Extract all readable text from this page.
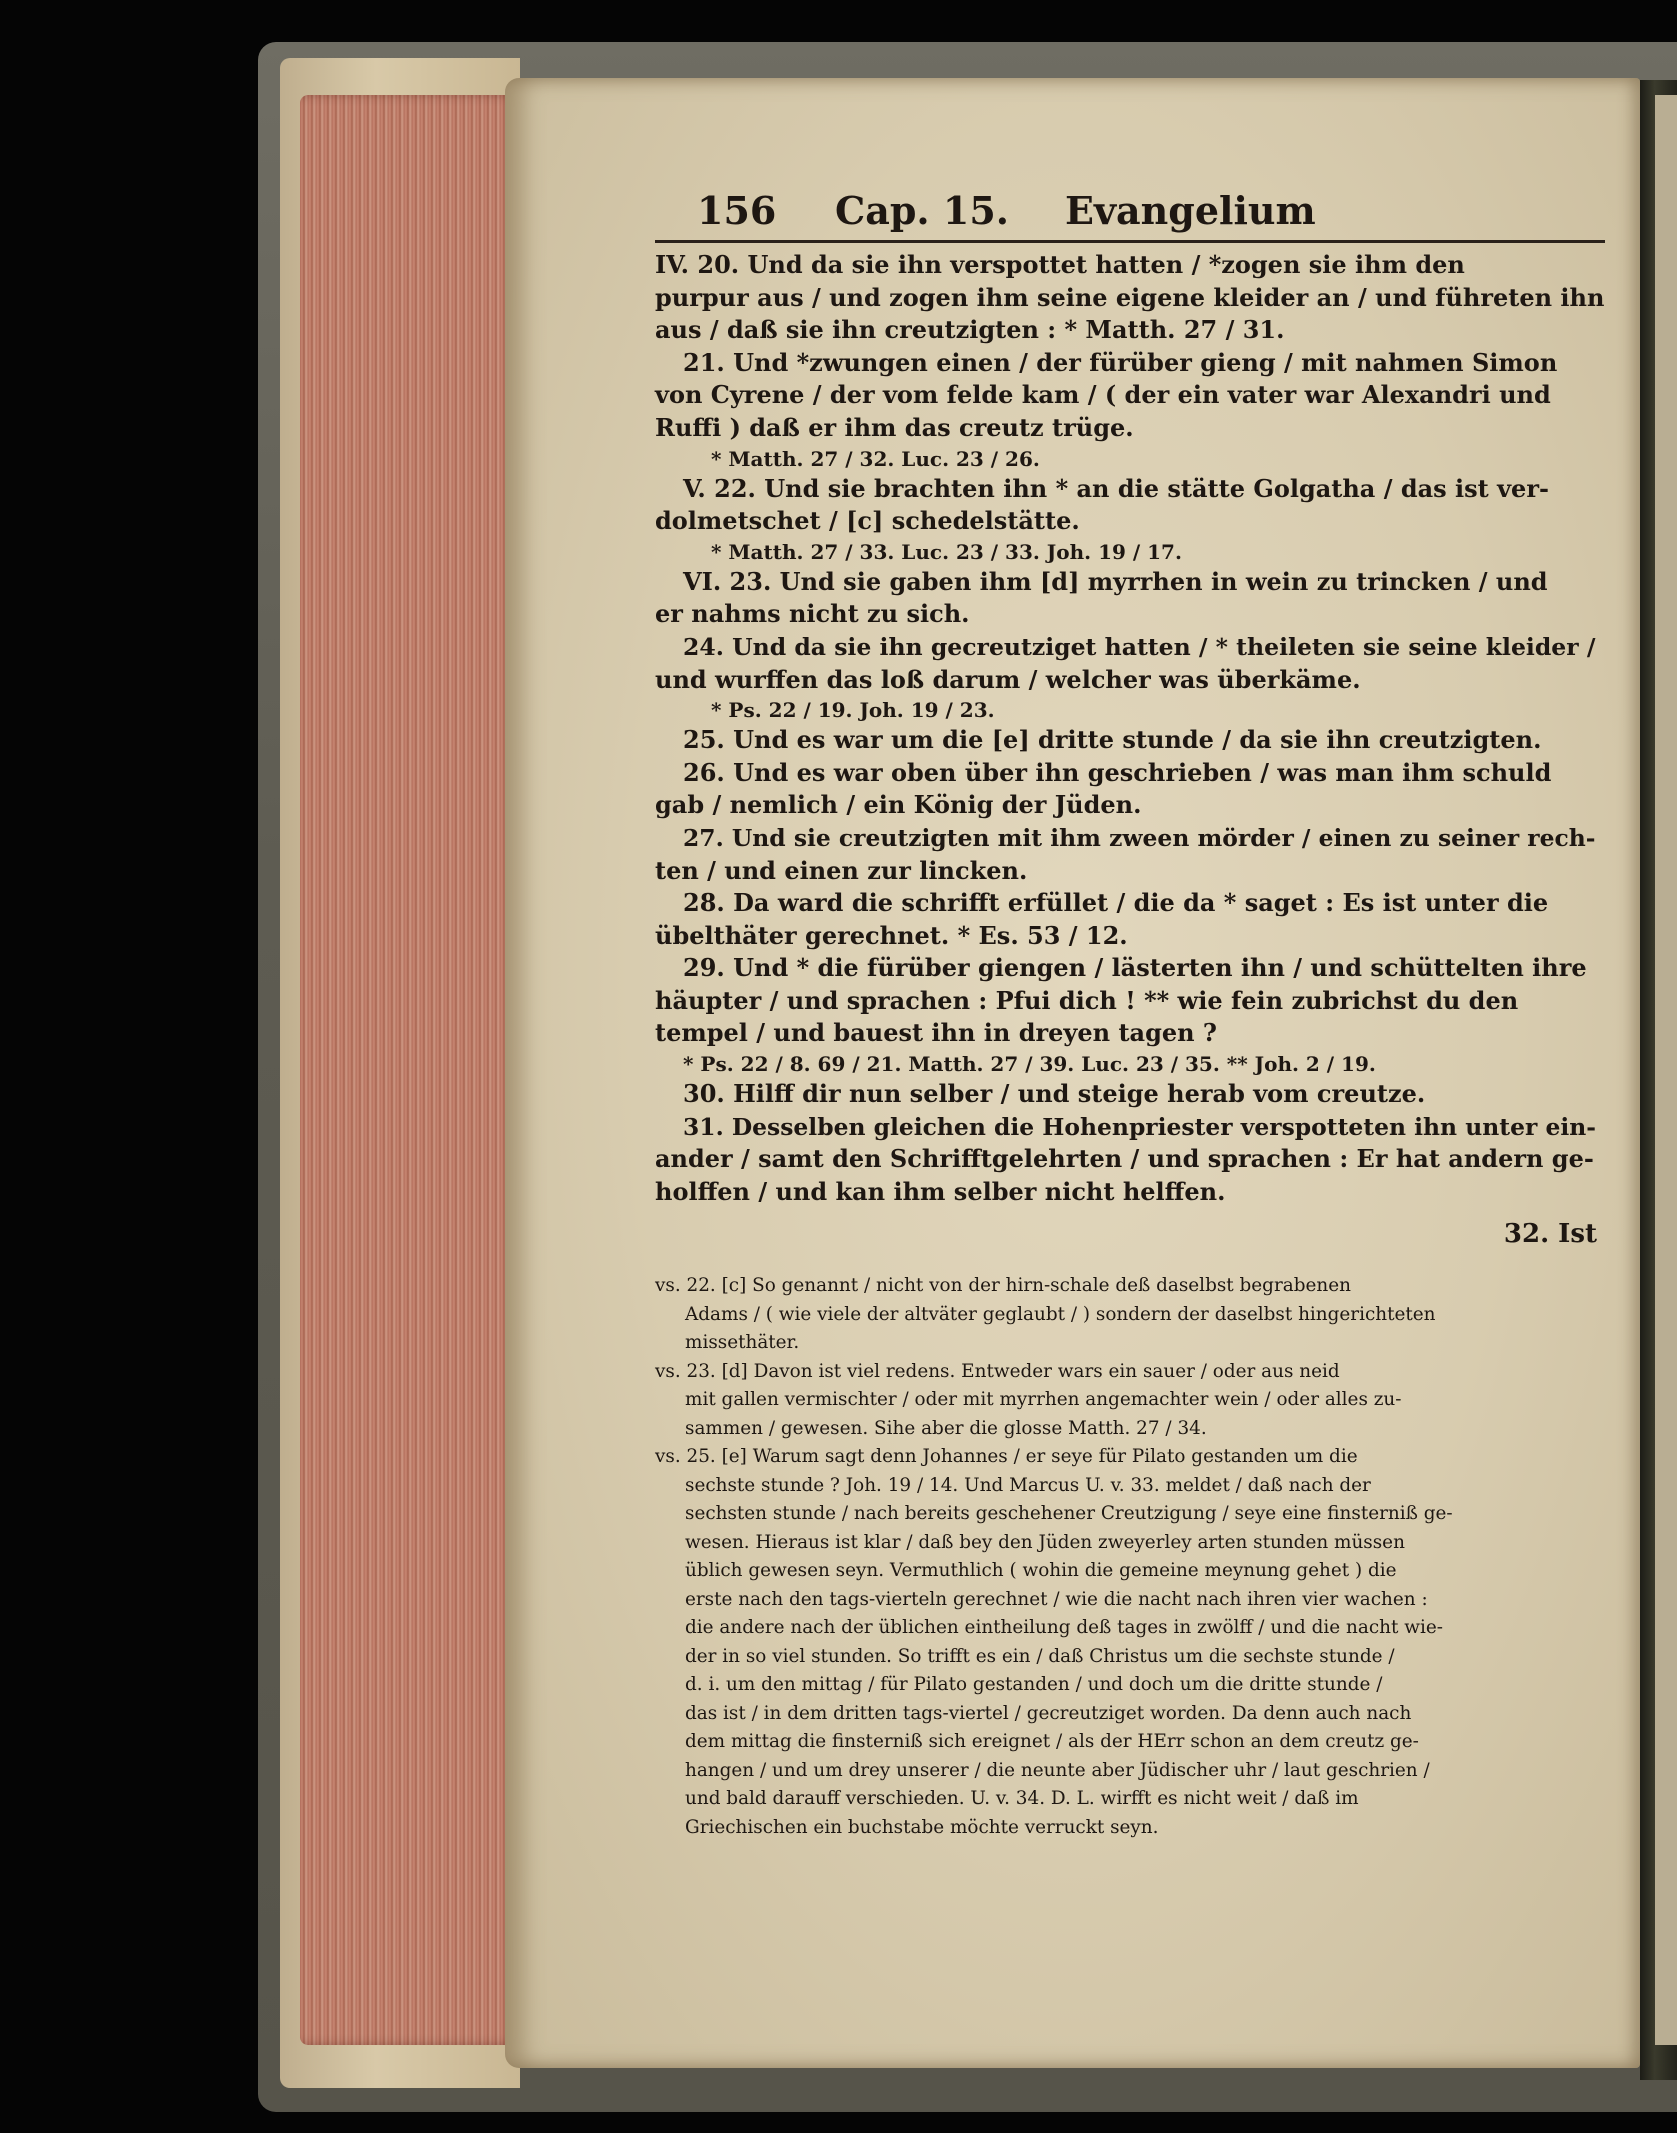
156 Cap. 15. Evangelium
IV. 20. Und da sie ihn verspottet hatten / *zogen sie ihm den
purpur aus / und zogen ihm seine eigene kleider an / und führeten ihn
aus / daß sie ihn creutzigten : * Matth. 27 / 31.
21. Und *zwungen einen / der fürüber gieng / mit nahmen Simon
von Cyrene / der vom felde kam / ( der ein vater war Alexandri und
Ruffi ) daß er ihm das creutz trüge.
* Matth. 27 / 32. Luc. 23 / 26.
V. 22. Und sie brachten ihn * an die stätte Golgatha / das ist ver-
dolmetschet / [c] schedelstätte.
* Matth. 27 / 33. Luc. 23 / 33. Joh. 19 / 17.
VI. 23. Und sie gaben ihm [d] myrrhen in wein zu trincken / und
er nahms nicht zu sich.
24. Und da sie ihn gecreutziget hatten / * theileten sie seine kleider /
und wurffen das loß darum / welcher was überkäme.
* Ps. 22 / 19. Joh. 19 / 23.
25. Und es war um die [e] dritte stunde / da sie ihn creutzigten.
26. Und es war oben über ihn geschrieben / was man ihm schuld
gab / nemlich / ein König der Jüden.
27. Und sie creutzigten mit ihm zween mörder / einen zu seiner rech-
ten / und einen zur lincken.
28. Da ward die schrifft erfüllet / die da * saget : Es ist unter die
übelthäter gerechnet. * Es. 53 / 12.
29. Und * die fürüber giengen / lästerten ihn / und schüttelten ihre
häupter / und sprachen : Pfui dich ! ** wie fein zubrichst du den
tempel / und bauest ihn in dreyen tagen ?
* Ps. 22 / 8. 69 / 21. Matth. 27 / 39. Luc. 23 / 35. ** Joh. 2 / 19.
30. Hilff dir nun selber / und steige herab vom creutze.
31. Desselben gleichen die Hohenpriester verspotteten ihn unter ein-
ander / samt den Schrifftgelehrten / und sprachen : Er hat andern ge-
holffen / und kan ihm selber nicht helffen.
32. Ist
vs. 22. [c] So genannt / nicht von der hirn-schale deß daselbst begrabenen
Adams / ( wie viele der altväter geglaubt / ) sondern der daselbst hingerichteten
missethäter.
vs. 23. [d] Davon ist viel redens. Entweder wars ein sauer / oder aus neid
mit gallen vermischter / oder mit myrrhen angemachter wein / oder alles zu-
sammen / gewesen. Sihe aber die glosse Matth. 27 / 34.
vs. 25. [e] Warum sagt denn Johannes / er seye für Pilato gestanden um die
sechste stunde ? Joh. 19 / 14. Und Marcus U. v. 33. meldet / daß nach der
sechsten stunde / nach bereits geschehener Creutzigung / seye eine finsterniß ge-
wesen. Hieraus ist klar / daß bey den Jüden zweyerley arten stunden müssen
üblich gewesen seyn. Vermuthlich ( wohin die gemeine meynung gehet ) die
erste nach den tags-vierteln gerechnet / wie die nacht nach ihren vier wachen :
die andere nach der üblichen eintheilung deß tages in zwölff / und die nacht wie-
der in so viel stunden. So trifft es ein / daß Christus um die sechste stunde /
d. i. um den mittag / für Pilato gestanden / und doch um die dritte stunde /
das ist / in dem dritten tags-viertel / gecreutziget worden. Da denn auch nach
dem mittag die finsterniß sich ereignet / als der HErr schon an dem creutz ge-
hangen / und um drey unserer / die neunte aber Jüdischer uhr / laut geschrien /
und bald darauff verschieden. U. v. 34. D. L. wirfft es nicht weit / daß im
Griechischen ein buchstabe möchte verruckt seyn.
